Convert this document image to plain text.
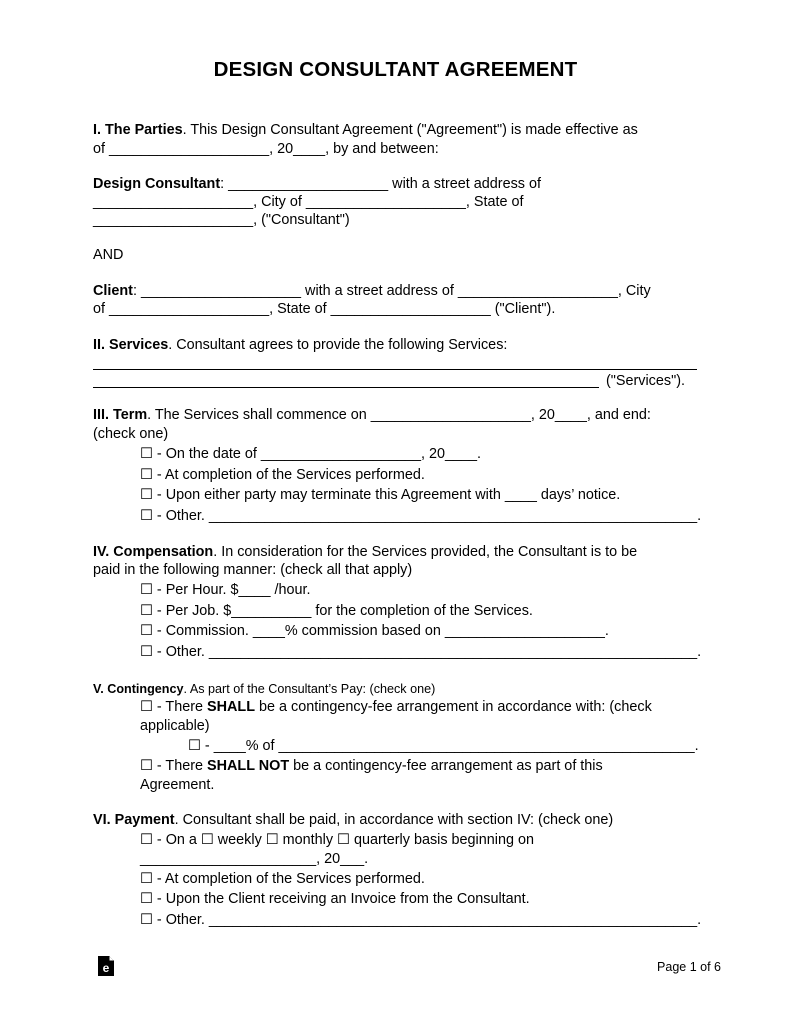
DESIGN CONSULTANT AGREEMENT
I. The Parties. This Design Consultant Agreement ("Agreement") is made effective as
of ____________________, 20____, by and between:
Design Consultant: ____________________ with a street address of
____________________, City of ____________________, State of
____________________, ("Consultant")
AND
Client: ____________________ with a street address of ____________________, City
of ____________________, State of ____________________ ("Client").
II. Services. Consultant agrees to provide the following Services:
("Services").
III. Term. The Services shall commence on ____________________, 20____, and end:
(check one)
☐ - On the date of ____________________, 20____.
☐ - At completion of the Services performed.
☐ - Upon either party may terminate this Agreement with ____ days’ notice.
☐ - Other. _____________________________________________________________.
IV. Compensation. In consideration for the Services provided, the Consultant is to be
paid in the following manner: (check all that apply)
☐ - Per Hour. $____ /hour.
☐ - Per Job. $__________ for the completion of the Services.
☐ - Commission. ____% commission based on ____________________.
☐ - Other. _____________________________________________________________.
V. Contingency. As part of the Consultant’s Pay: (check one)
☐ - There SHALL be a contingency-fee arrangement in accordance with: (check
applicable)
☐ - ____% of ____________________________________________________.
☐ - There SHALL NOT be a contingency-fee arrangement as part of this
Agreement.
VI. Payment. Consultant shall be paid, in accordance with section IV: (check one)
☐ - On a ☐ weekly ☐ monthly ☐ quarterly basis beginning on
______________________, 20___.
☐ - At completion of the Services performed.
☐ - Upon the Client receiving an Invoice from the Consultant.
☐ - Other. _____________________________________________________________.
e	Page 1 of 6
